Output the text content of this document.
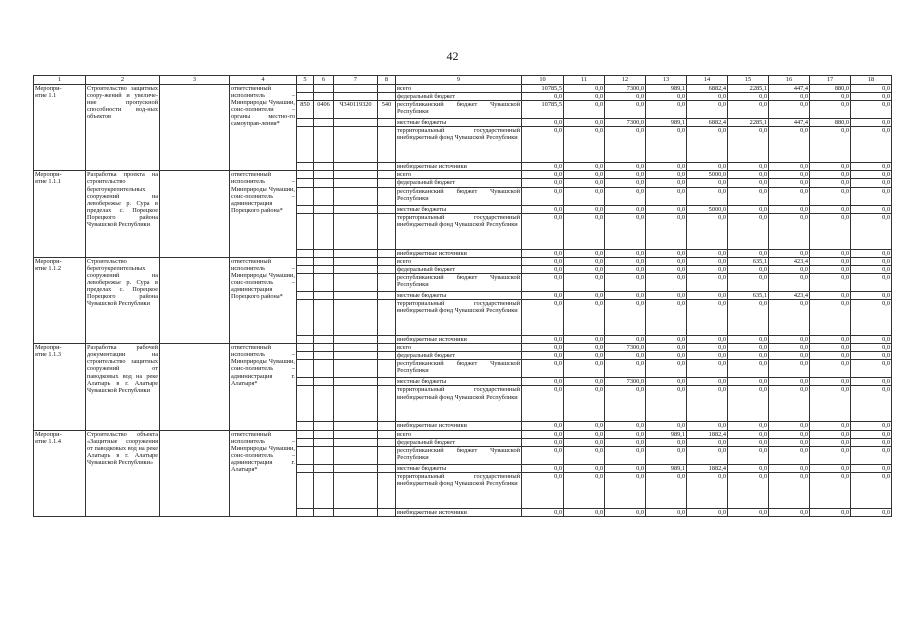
42
1	2	3	4	5	6	7	8	9	10	11	12	13	14	15	16	17	18
Меропри-
ятие 1.1	Строительство защитных соору-жений и увеличе-ние пропускной способности вод-ных объектов		ответственный исполнитель – Минприроды Чувашии, соис-полнители – органы местно-го самоуправ-ления*					всего	10785,5	0,0	7300,0	989,1	6882,4	2285,1	447,4	880,0	0,0
								федеральный бюджет	0,0	0,0	0,0	0,0	0,0	0,0	0,0	0,0	0,0
				850	0406	Ч340119320	540	республиканский бюджет Чувашской Республики	10785,5	0,0	0,0	0,0	0,0	0,0	0,0	0,0	0,0
								местные бюджеты	0,0	0,0	7300,0	989,1	6882,4	2285,1	447,4	880,0	0,0
								территориальный государственный внебюджетный фонд Чувашской Республики	0,0	0,0	0,0	0,0	0,0	0,0	0,0	0,0	0,0
								внебюджетные источники	0,0	0,0	0,0	0,0	0,0	0,0	0,0	0,0	0,0
Меропри-
ятие 1.1.1	Разработка проекта на строительство берегоукрепительных сооружений на левобережье р. Сура в пределах с. Порецкое Порецкого района Чувашской Республики		ответственный исполнитель – Минприроды Чувашии, соис-полнитель – администрация Порецкого района*					всего	0,0	0,0	0,0	0,0	5000,0	0,0	0,0	0,0	0,0
								федеральный бюджет	0,0	0,0	0,0	0,0	0,0	0,0	0,0	0,0	0,0
								республиканский бюджет Чувашской Республики	0,0	0,0	0,0	0,0	0,0	0,0	0,0	0,0	0,0
								местные бюджеты	0,0	0,0	0,0	0,0	5000,0	0,0	0,0	0,0	0,0
								территориальный государственный внебюджетный фонд Чувашской Республики	0,0	0,0	0,0	0,0	0,0	0,0	0,0	0,0	0,0
								внебюджетные источники	0,0	0,0	0,0	0,0	0,0	0,0	0,0	0,0	0,0
Меропри-
ятие 1.1.2	Строительство берегоукрепительных сооружений на левобережье р. Сура в пределах с. Порецкое Порецкого района Чувашской Республики		ответственный исполнитель – Минприроды Чувашии, соис-полнитель – администрация Порецкого района*					всего	0,0	0,0	0,0	0,0	0,0	635,1	423,4	0,0	0,0
								федеральный бюджет	0,0	0,0	0,0	0,0	0,0	0,0	0,0	0,0	0,0
								республиканский бюджет Чувашской Республики	0,0	0,0	0,0	0,0	0,0	0,0	0,0	0,0	0,0
								местные бюджеты	0,0	0,0	0,0	0,0	0,0	635,1	423,4	0,0	0,0
								территориальный государственный внебюджетный фонд Чувашской Республики	0,0	0,0	0,0	0,0	0,0	0,0	0,0	0,0	0,0
								внебюджетные источники	0,0	0,0	0,0	0,0	0,0	0,0	0,0	0,0	0,0
Меропри-
ятие 1.1.3	Разработка рабочей документации на строительство защитных сооружений от паводковых вод на реке Алатырь в г. Алатыре Чувашской Республики		ответственный исполнитель – Минприроды Чувашии, соис-полнитель – администрация г. Алатыря*					всего	0,0	0,0	7300,0	0,0	0,0	0,0	0,0	0,0	0,0
								федеральный бюджет	0,0	0,0	0,0	0,0	0,0	0,0	0,0	0,0	0,0
								республиканский бюджет Чувашской Республики	0,0	0,0	0,0	0,0	0,0	0,0	0,0	0,0	0,0
								местные бюджеты	0,0	0,0	7300,0	0,0	0,0	0,0	0,0	0,0	0,0
								территориальный государственный внебюджетный фонд Чувашской Республики	0,0	0,0	0,0	0,0	0,0	0,0	0,0	0,0	0,0
								внебюджетные источники	0,0	0,0	0,0	0,0	0,0	0,0	0,0	0,0	0,0
Меропри-
ятие 1.1.4	Строительство объекта «Защитные сооружения от паводковых вод на реке Алатырь в г. Алатыре Чувашской Республики»		ответственный исполнитель – Минприроды Чувашии, соис-полнитель – администрация г. Алатыря*					всего	0,0	0,0	0,0	989,1	1882,4	0,0	0,0	0,0	0,0
								федеральный бюджет	0,0	0,0	0,0	0,0	0,0	0,0	0,0	0,0	0,0
								республиканский бюджет Чувашской Республики	0,0	0,0	0,0	0,0	0,0	0,0	0,0	0,0	0,0
								местные бюджеты	0,0	0,0	0,0	989,1	1882,4	0,0	0,0	0,0	0,0
								территориальный государственный внебюджетный фонд Чувашской Республики	0,0	0,0	0,0	0,0	0,0	0,0	0,0	0,0	0,0
								внебюджетные источники	0,0	0,0	0,0	0,0	0,0	0,0	0,0	0,0	0,0
